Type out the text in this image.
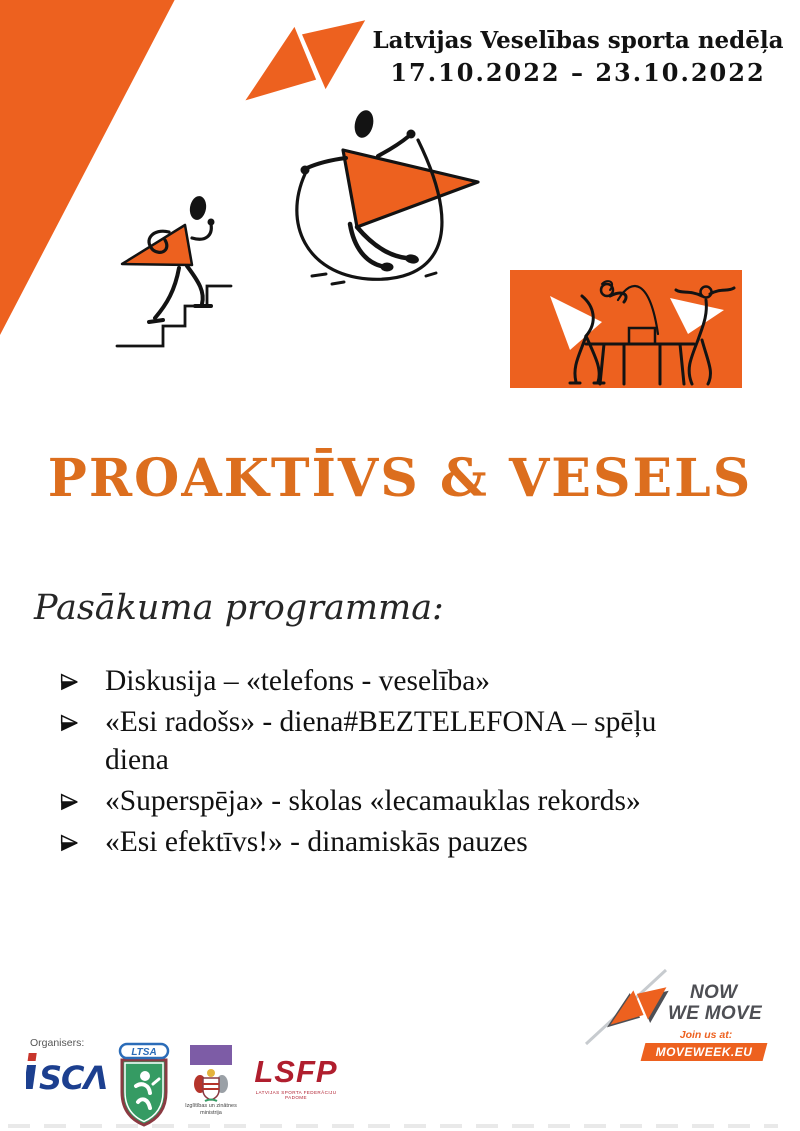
Latvijas Veselības sporta nedēļa
17.10.2022 – 23.10.2022
PROAKTĪVS & VESELS
Pasākuma programma:
Diskusija – «telefons - veselība»
«Esi radošs» - diena#BEZTELEFONA – spēļu diena
«Superspēja» - skolas «lecamauklas rekords»
«Esi efektīvs!» - dinamiskās pauzes
Organisers:
SCΛ
LTSA
Izglītības un zinātnes
ministrija
LSFP
LATVIJAS SPORTA FEDERĀCIJU PADOME
NOW
WE MOVE
Join us at:
MOVEWEEK.EU
